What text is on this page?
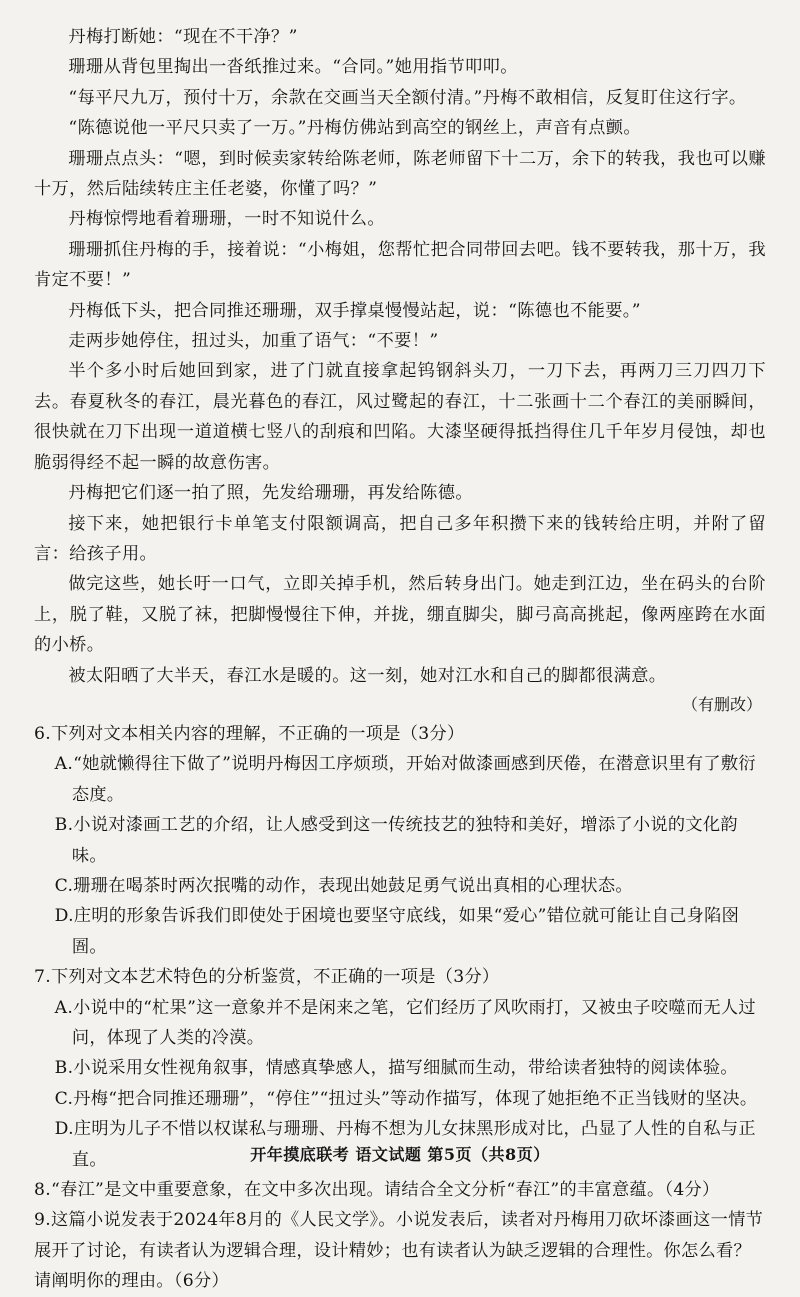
丹梅打断她：“现在不干净？”

珊珊从背包里掏出一沓纸推过来。“合同。”她用指节叩叩。

“每平尺九万，预付十万，余款在交画当天全额付清。”丹梅不敢相信，反复盯住这行字。

“陈德说他一平尺只卖了一万。”丹梅仿佛站到高空的钢丝上，声音有点颤。

珊珊点点头：“嗯，到时候卖家转给陈老师，陈老师留下十二万，余下的转我，我也可以赚十万，然后陆续转庄主任老婆，你懂了吗？”

丹梅惊愕地看着珊珊，一时不知说什么。

珊珊抓住丹梅的手，接着说：“小梅姐，您帮忙把合同带回去吧。钱不要转我，那十万，我肯定不要！”

丹梅低下头，把合同推还珊珊，双手撑桌慢慢站起，说：“陈德也不能要。”

走两步她停住，扭过头，加重了语气：“不要！”

半个多小时后她回到家，进了门就直接拿起钨钢斜头刀，一刀下去，再两刀三刀四刀下去。春夏秋冬的春江，晨光暮色的春江，风过鹭起的春江，十二张画十二个春江的美丽瞬间，很快就在刀下出现一道道横七竖八的刮痕和凹陷。大漆坚硬得抵挡得住几千年岁月侵蚀，却也脆弱得经不起一瞬的故意伤害。

丹梅把它们逐一拍了照，先发给珊珊，再发给陈德。

接下来，她把银行卡单笔支付限额调高，把自己多年积攒下来的钱转给庄明，并附了留言：给孩子用。

做完这些，她长吁一口气，立即关掉手机，然后转身出门。她走到江边，坐在码头的台阶上，脱了鞋，又脱了袜，把脚慢慢往下伸，并拢，绷直脚尖，脚弓高高挑起，像两座跨在水面的小桥。

被太阳晒了大半天，春江水是暖的。这一刻，她对江水和自己的脚都很满意。

（有删改）

6.下列对文本相关内容的理解，不正确的一项是（3分）
A.“她就懒得往下做了”说明丹梅因工序烦琐，开始对做漆画感到厌倦，在潜意识里有了敷衍态度。
B.小说对漆画工艺的介绍，让人感受到这一传统技艺的独特和美好，增添了小说的文化韵味。
C.珊珊在喝茶时两次抿嘴的动作，表现出她鼓足勇气说出真相的心理状态。
D.庄明的形象告诉我们即使处于困境也要坚守底线，如果“爱心”错位就可能让自己身陷囹圄。
7.下列对文本艺术特色的分析鉴赏，不正确的一项是（3分）
A.小说中的“杧果”这一意象并不是闲来之笔，它们经历了风吹雨打，又被虫子咬噬而无人过问，体现了人类的冷漠。
B.小说采用女性视角叙事，情感真挚感人，描写细腻而生动，带给读者独特的阅读体验。
C.丹梅“把合同推还珊珊”，“停住”“扭过头”等动作描写，体现了她拒绝不正当钱财的坚决。
D.庄明为儿子不惜以权谋私与珊珊、丹梅不想为儿女抹黑形成对比，凸显了人性的自私与正直。
8.“春江”是文中重要意象，在文中多次出现。请结合全文分析“春江”的丰富意蕴。（4分）
9.这篇小说发表于2024年8月的《人民文学》。小说发表后，读者对丹梅用刀砍坏漆画这一情节展开了讨论，有读者认为逻辑合理，设计精妙；也有读者认为缺乏逻辑的合理性。你怎么看？请阐明你的理由。（6分）
开年摸底联考 语文试题 第5页（共8页）
